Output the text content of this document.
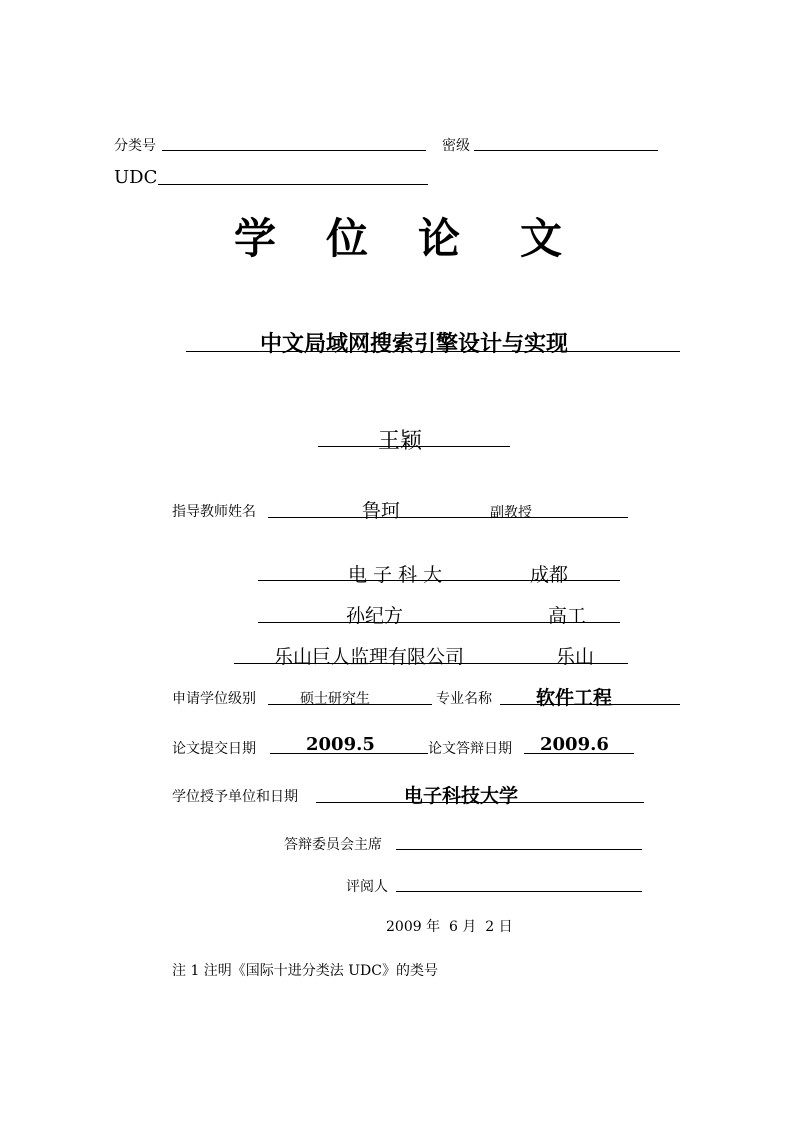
分类号	密级
UDC
学 位 论 文
中文局域网搜索引擎设计与实现
王颖
指导教师姓名	鲁珂	副教授
电 子 科 大	成都
孙纪方	高工
乐山巨人监理有限公司	乐山
申请学位级别	硕士研究生	专业名称 软件工程
论文提交日期	2009.5	论文答辩日期 2009.6
学位授予单位和日期	电子科技大学
答辩委员会主席
评阅人
2009 年 6 月 2 日
注 1 注明《国际十进分类法 UDC》的类号
